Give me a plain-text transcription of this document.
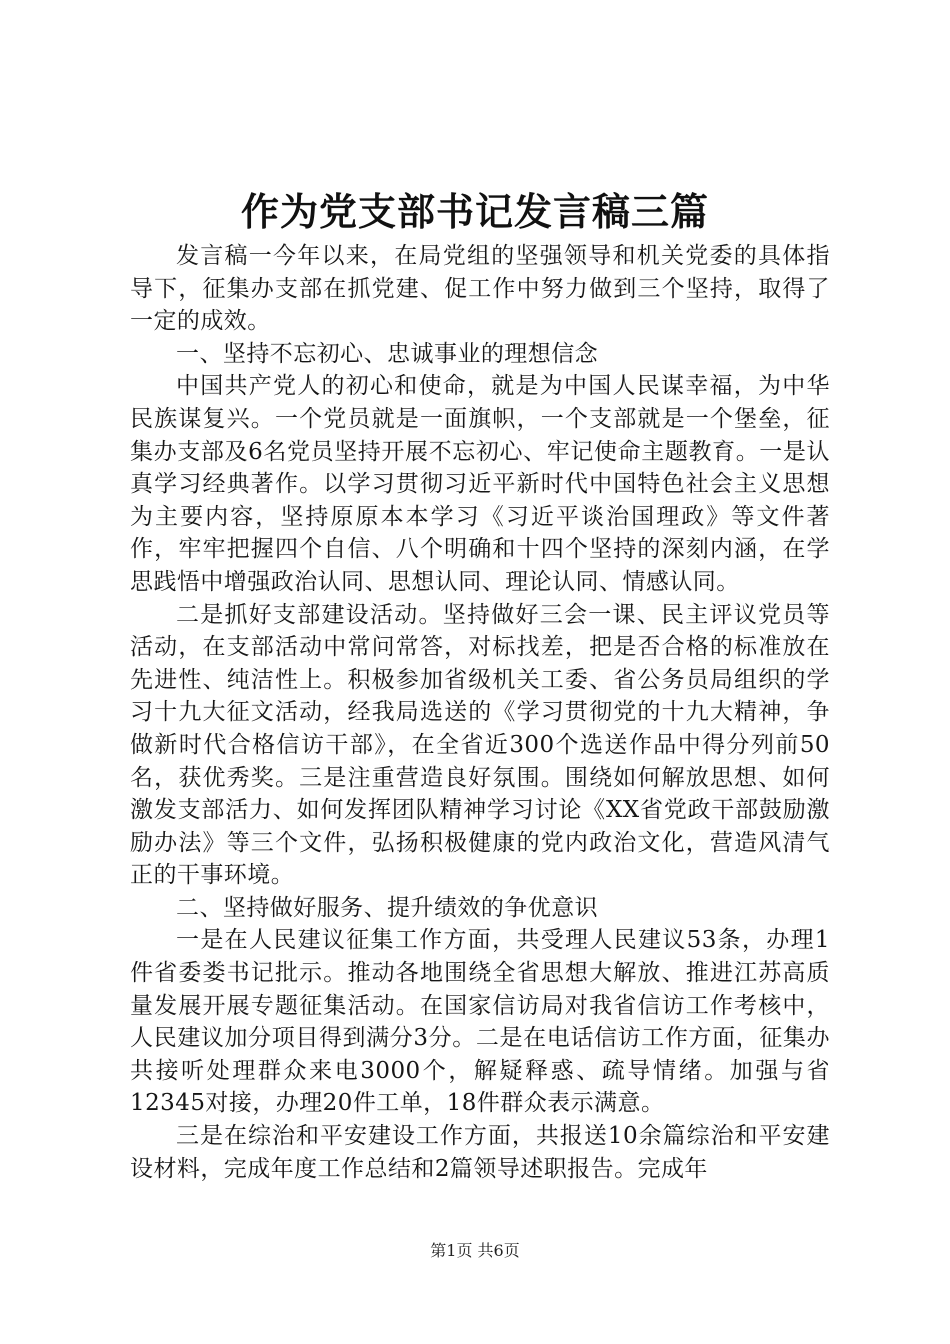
作为党支部书记发言稿三篇

发言稿一今年以来，在局党组的坚强领导和机关党委的具体指导下，征集办支部在抓党建、促工作中努力做到三个坚持，取得了一定的成效。

一、坚持不忘初心、忠诚事业的理想信念

中国共产党人的初心和使命，就是为中国人民谋幸福，为中华民族谋复兴。一个党员就是一面旗帜，一个支部就是一个堡垒，征集办支部及6名党员坚持开展不忘初心、牢记使命主题教育。一是认真学习经典著作。以学习贯彻习近平新时代中国特色社会主义思想为主要内容，坚持原原本本学习《习近平谈治国理政》等文件著作，牢牢把握四个自信、八个明确和十四个坚持的深刻内涵，在学思践悟中增强政治认同、思想认同、理论认同、情感认同。

二是抓好支部建设活动。坚持做好三会一课、民主评议党员等活动，在支部活动中常问常答，对标找差，把是否合格的标准放在先进性、纯洁性上。积极参加省级机关工委、省公务员局组织的学习十九大征文活动，经我局选送的《学习贯彻党的十九大精神，争做新时代合格信访干部》，在全省近300个选送作品中得分列前50名，获优秀奖。三是注重营造良好氛围。围绕如何解放思想、如何激发支部活力、如何发挥团队精神学习讨论《XX省党政干部鼓励激励办法》等三个文件，弘扬积极健康的党内政治文化，营造风清气正的干事环境。

二、坚持做好服务、提升绩效的争优意识

一是在人民建议征集工作方面，共受理人民建议53条，办理1件省委娄书记批示。推动各地围绕全省思想大解放、推进江苏高质量发展开展专题征集活动。在国家信访局对我省信访工作考核中，人民建议加分项目得到满分3分。二是在电话信访工作方面，征集办共接听处理群众来电3000个，解疑释惑、疏导情绪。加强与省12345对接，办理20件工单，18件群众表示满意。

三是在综治和平安建设工作方面，共报送10余篇综治和平安建设材料，完成年度工作总结和2篇领导述职报告。完成年

第1页 共6页
